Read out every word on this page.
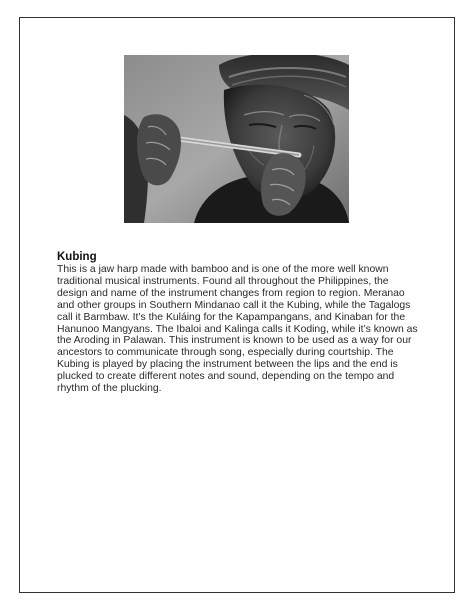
Kubing

This is a jaw harp made with bamboo and is one of the more well known traditional musical instruments. Found all throughout the Philippines, the design and name of the instrument changes from region to region. Meranao and other groups in Southern Mindanao call it the Kubing, while the Tagalogs call it Barmbaw. It’s the Kuláing for the Kapampangans, and Kinaban for the Hanunoo Mangyans. The Ibaloi and Kalinga calls it Koding, while it’s known as the Aroding in Palawan. This instrument is known to be used as a way for our ancestors to communicate through song, especially during courtship. The Kubing is played by placing the instrument between the lips and the end is plucked to create different notes and sound, depending on the tempo and rhythm of the plucking.
